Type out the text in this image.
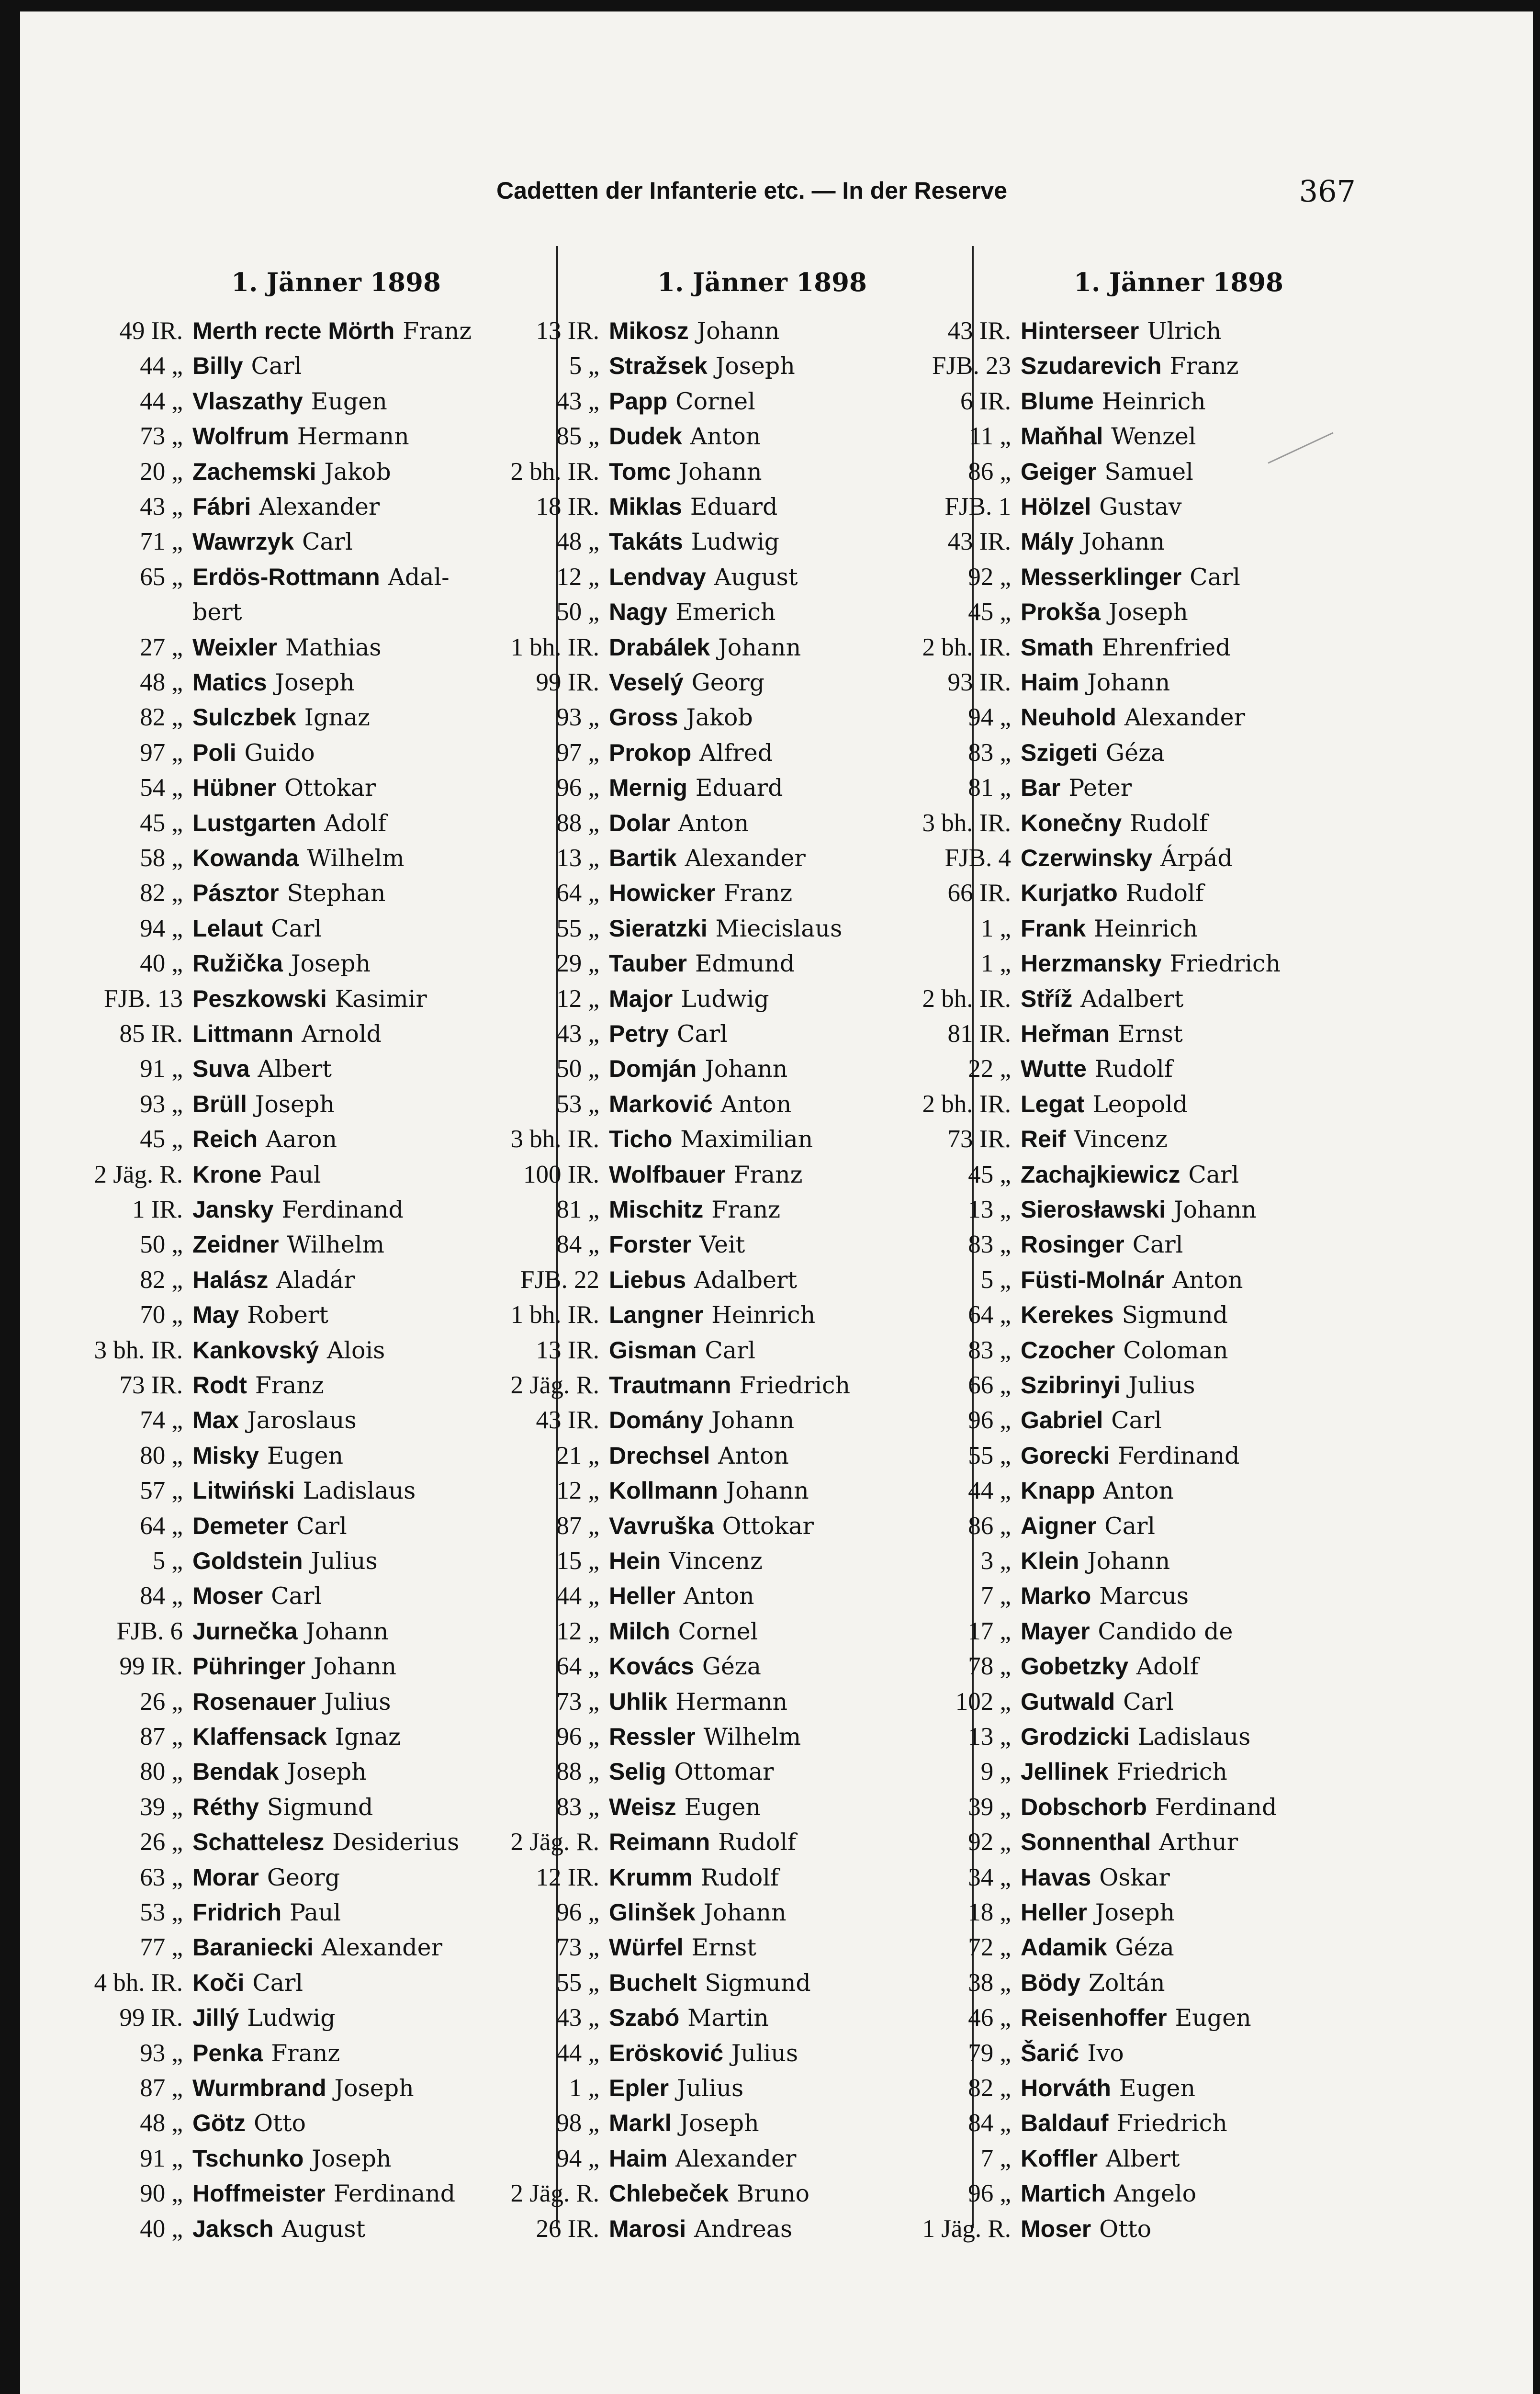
Cadetten der Infanterie etc. — In der Reserve	367
1. Jänner 1898	1. Jänner 1898	1. Jänner 1898
49 IR. Merth recte Mörth Franz
44 „ Billy Carl
44 „ Vlaszathy Eugen
73 „ Wolfrum Hermann
20 „ Zachemski Jakob
43 „ Fábri Alexander
71 „ Wawrzyk Carl
65 „ Erdös-Rottmann Adal-
bert
27 „ Weixler Mathias
48 „ Matics Joseph
82 „ Sulczbek Ignaz
97 „ Poli Guido
54 „ Hübner Ottokar
45 „ Lustgarten Adolf
58 „ Kowanda Wilhelm
82 „ Pásztor Stephan
94 „ Lelaut Carl
40 „ Ružička Joseph
FJB. 13 Peszkowski Kasimir
85 IR. Littmann Arnold
91 „ Suva Albert
93 „ Brüll Joseph
45 „ Reich Aaron
2 Jäg. R. Krone Paul
1 IR. Jansky Ferdinand
50 „ Zeidner Wilhelm
82 „ Halász Aladár
70 „ May Robert
3 bh. IR. Kankovský Alois
73 IR. Rodt Franz
74 „ Max Jaroslaus
80 „ Misky Eugen
57 „ Litwiński Ladislaus
64 „ Demeter Carl
5 „ Goldstein Julius
84 „ Moser Carl
FJB. 6 Jurnečka Johann
99 IR. Pühringer Johann
26 „ Rosenauer Julius
87 „ Klaffensack Ignaz
80 „ Bendak Joseph
39 „ Réthy Sigmund
26 „ Schattelesz Desiderius
63 „ Morar Georg
53 „ Fridrich Paul
77 „ Baraniecki Alexander
4 bh. IR. Koči Carl
99 IR. Jillý Ludwig
93 „ Penka Franz
87 „ Wurmbrand Joseph
48 „ Götz Otto
91 „ Tschunko Joseph
90 „ Hoffmeister Ferdinand
40 „ Jaksch August
13 IR. Mikosz Johann
5 „ Stražsek Joseph
43 „ Papp Cornel
85 „ Dudek Anton
2 bh. IR. Tomc Johann
18 IR. Miklas Eduard
48 „ Takáts Ludwig
12 „ Lendvay August
50 „ Nagy Emerich
1 bh. IR. Drabálek Johann
99 IR. Veselý Georg
93 „ Gross Jakob
97 „ Prokop Alfred
96 „ Mernig Eduard
88 „ Dolar Anton
13 „ Bartik Alexander
64 „ Howicker Franz
55 „ Sieratzki Miecislaus
29 „ Tauber Edmund
12 „ Major Ludwig
43 „ Petry Carl
50 „ Domján Johann
53 „ Marković Anton
3 bh. IR. Ticho Maximilian
100 IR. Wolfbauer Franz
81 „ Mischitz Franz
84 „ Forster Veit
FJB. 22 Liebus Adalbert
1 bh. IR. Langner Heinrich
13 IR. Gisman Carl
2 Jäg. R. Trautmann Friedrich
43 IR. Domány Johann
21 „ Drechsel Anton
12 „ Kollmann Johann
87 „ Vavruška Ottokar
15 „ Hein Vincenz
44 „ Heller Anton
12 „ Milch Cornel
64 „ Kovács Géza
73 „ Uhlik Hermann
96 „ Ressler Wilhelm
88 „ Selig Ottomar
83 „ Weisz Eugen
2 Jäg. R. Reimann Rudolf
12 IR. Krumm Rudolf
96 „ Glinšek Johann
73 „ Würfel Ernst
55 „ Buchelt Sigmund
43 „ Szabó Martin
44 „ Erösković Julius
1 „ Epler Julius
98 „ Markl Joseph
94 „ Haim Alexander
2 Jäg. R. Chlebeček Bruno
26 IR. Marosi Andreas
43 IR. Hinterseer Ulrich
FJB. 23 Szudarevich Franz
6 IR. Blume Heinrich
11 „ Maňhal Wenzel
86 „ Geiger Samuel
FJB. 1 Hölzel Gustav
43 IR. Mály Johann
92 „ Messerklinger Carl
45 „ Prokša Joseph
2 bh. IR. Smath Ehrenfried
93 IR. Haim Johann
94 „ Neuhold Alexander
83 „ Szigeti Géza
81 „ Bar Peter
3 bh. IR. Konečny Rudolf
FJB. 4 Czerwinsky Árpád
66 IR. Kurjatko Rudolf
1 „ Frank Heinrich
1 „ Herzmansky Friedrich
2 bh. IR. Stříž Adalbert
81 IR. Heřman Ernst
22 „ Wutte Rudolf
2 bh. IR. Legat Leopold
73 IR. Reif Vincenz
45 „ Zachajkiewicz Carl
13 „ Sierosławski Johann
83 „ Rosinger Carl
5 „ Füsti-Molnár Anton
64 „ Kerekes Sigmund
83 „ Czocher Coloman
66 „ Szibrinyi Julius
96 „ Gabriel Carl
55 „ Gorecki Ferdinand
44 „ Knapp Anton
86 „ Aigner Carl
3 „ Klein Johann
7 „ Marko Marcus
17 „ Mayer Candido de
78 „ Gobetzky Adolf
102 „ Gutwald Carl
13 „ Grodzicki Ladislaus
9 „ Jellinek Friedrich
39 „ Dobschorb Ferdinand
92 „ Sonnenthal Arthur
34 „ Havas Oskar
18 „ Heller Joseph
72 „ Adamik Géza
38 „ Bödy Zoltán
46 „ Reisenhoffer Eugen
79 „ Šarić Ivo
82 „ Horváth Eugen
84 „ Baldauf Friedrich
7 „ Koffler Albert
96 „ Martich Angelo
1 Jäg. R. Moser Otto
